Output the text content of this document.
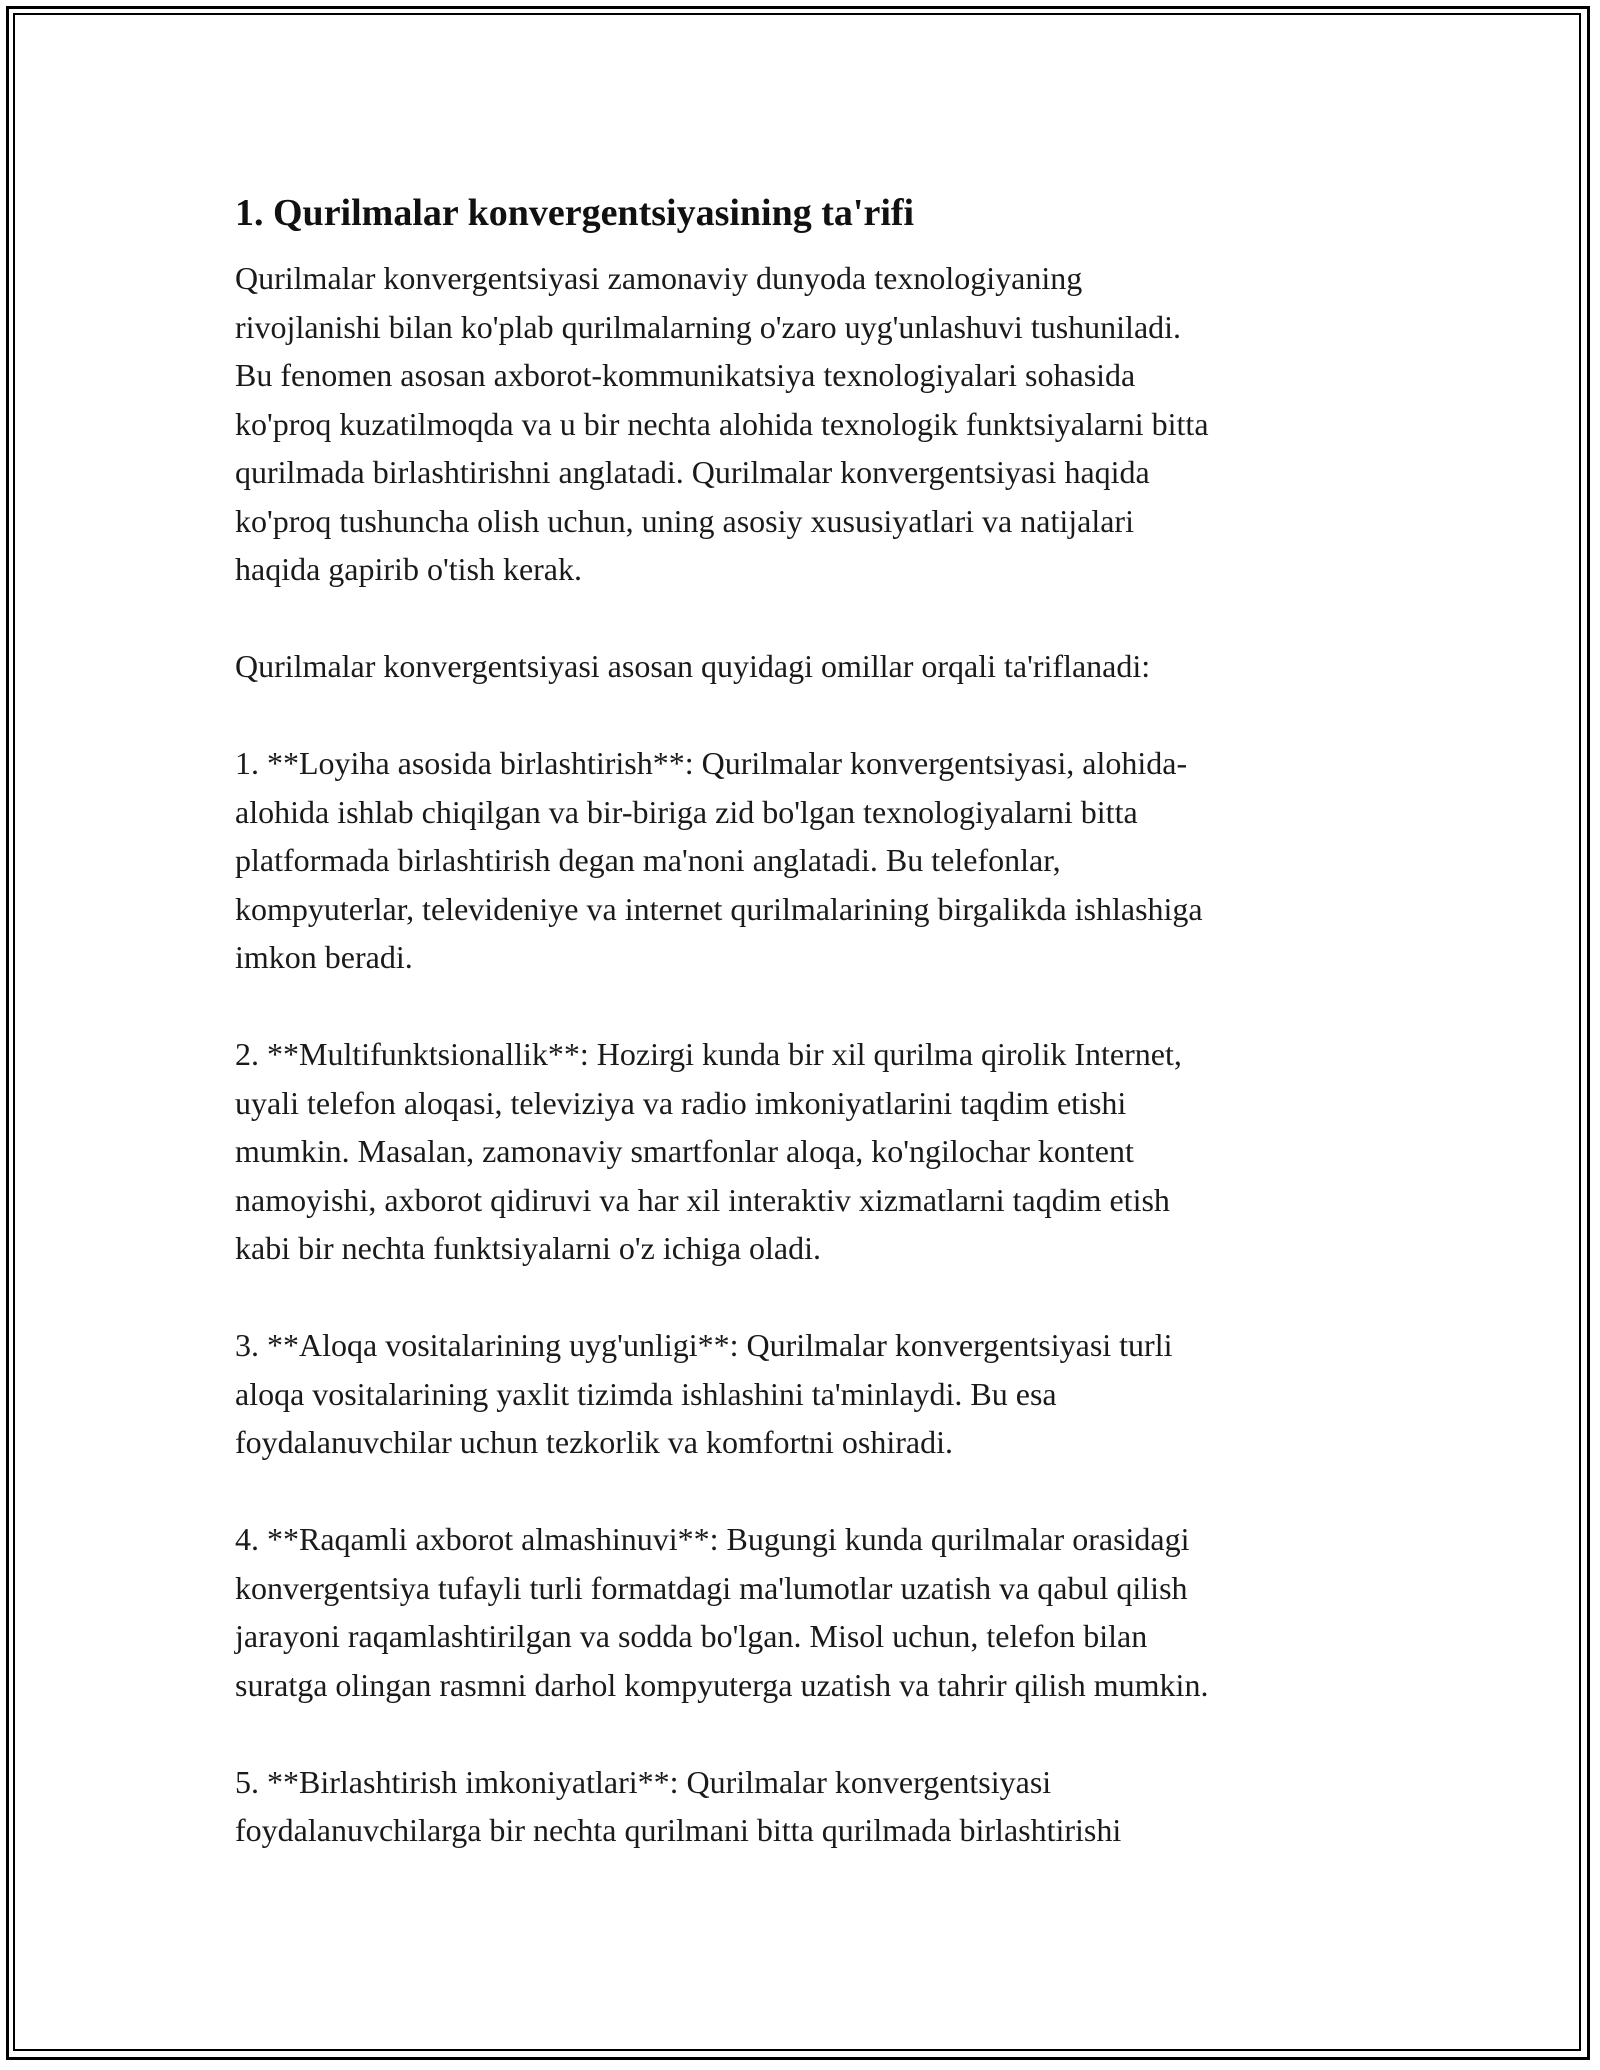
1. Qurilmalar konvergentsiyasining ta'rifi

Qurilmalar konvergentsiyasi zamonaviy dunyoda texnologiyaning
rivojlanishi bilan ko'plab qurilmalarning o'zaro uyg'unlashuvi tushuniladi.
Bu fenomen asosan axborot-kommunikatsiya texnologiyalari sohasida
ko'proq kuzatilmoqda va u bir nechta alohida texnologik funktsiyalarni bitta
qurilmada birlashtirishni anglatadi. Qurilmalar konvergentsiyasi haqida
ko'proq tushuncha olish uchun, uning asosiy xususiyatlari va natijalari
haqida gapirib o'tish kerak.

Qurilmalar konvergentsiyasi asosan quyidagi omillar orqali ta'riflanadi:

1. **Loyiha asosida birlashtirish**: Qurilmalar konvergentsiyasi, alohida-
alohida ishlab chiqilgan va bir-biriga zid bo'lgan texnologiyalarni bitta
platformada birlashtirish degan ma'noni anglatadi. Bu telefonlar,
kompyuterlar, televideniye va internet qurilmalarining birgalikda ishlashiga
imkon beradi.

2. **Multifunktsionallik**: Hozirgi kunda bir xil qurilma qirolik Internet,
uyali telefon aloqasi, televiziya va radio imkoniyatlarini taqdim etishi
mumkin. Masalan, zamonaviy smartfonlar aloqa, ko'ngilochar kontent
namoyishi, axborot qidiruvi va har xil interaktiv xizmatlarni taqdim etish
kabi bir nechta funktsiyalarni o'z ichiga oladi.

3. **Aloqa vositalarining uyg'unligi**: Qurilmalar konvergentsiyasi turli
aloqa vositalarining yaxlit tizimda ishlashini ta'minlaydi. Bu esa
foydalanuvchilar uchun tezkorlik va komfortni oshiradi.

4. **Raqamli axborot almashinuvi**: Bugungi kunda qurilmalar orasidagi
konvergentsiya tufayli turli formatdagi ma'lumotlar uzatish va qabul qilish
jarayoni raqamlashtirilgan va sodda bo'lgan. Misol uchun, telefon bilan
suratga olingan rasmni darhol kompyuterga uzatish va tahrir qilish mumkin.

5. **Birlashtirish imkoniyatlari**: Qurilmalar konvergentsiyasi
foydalanuvchilarga bir nechta qurilmani bitta qurilmada birlashtirishi
